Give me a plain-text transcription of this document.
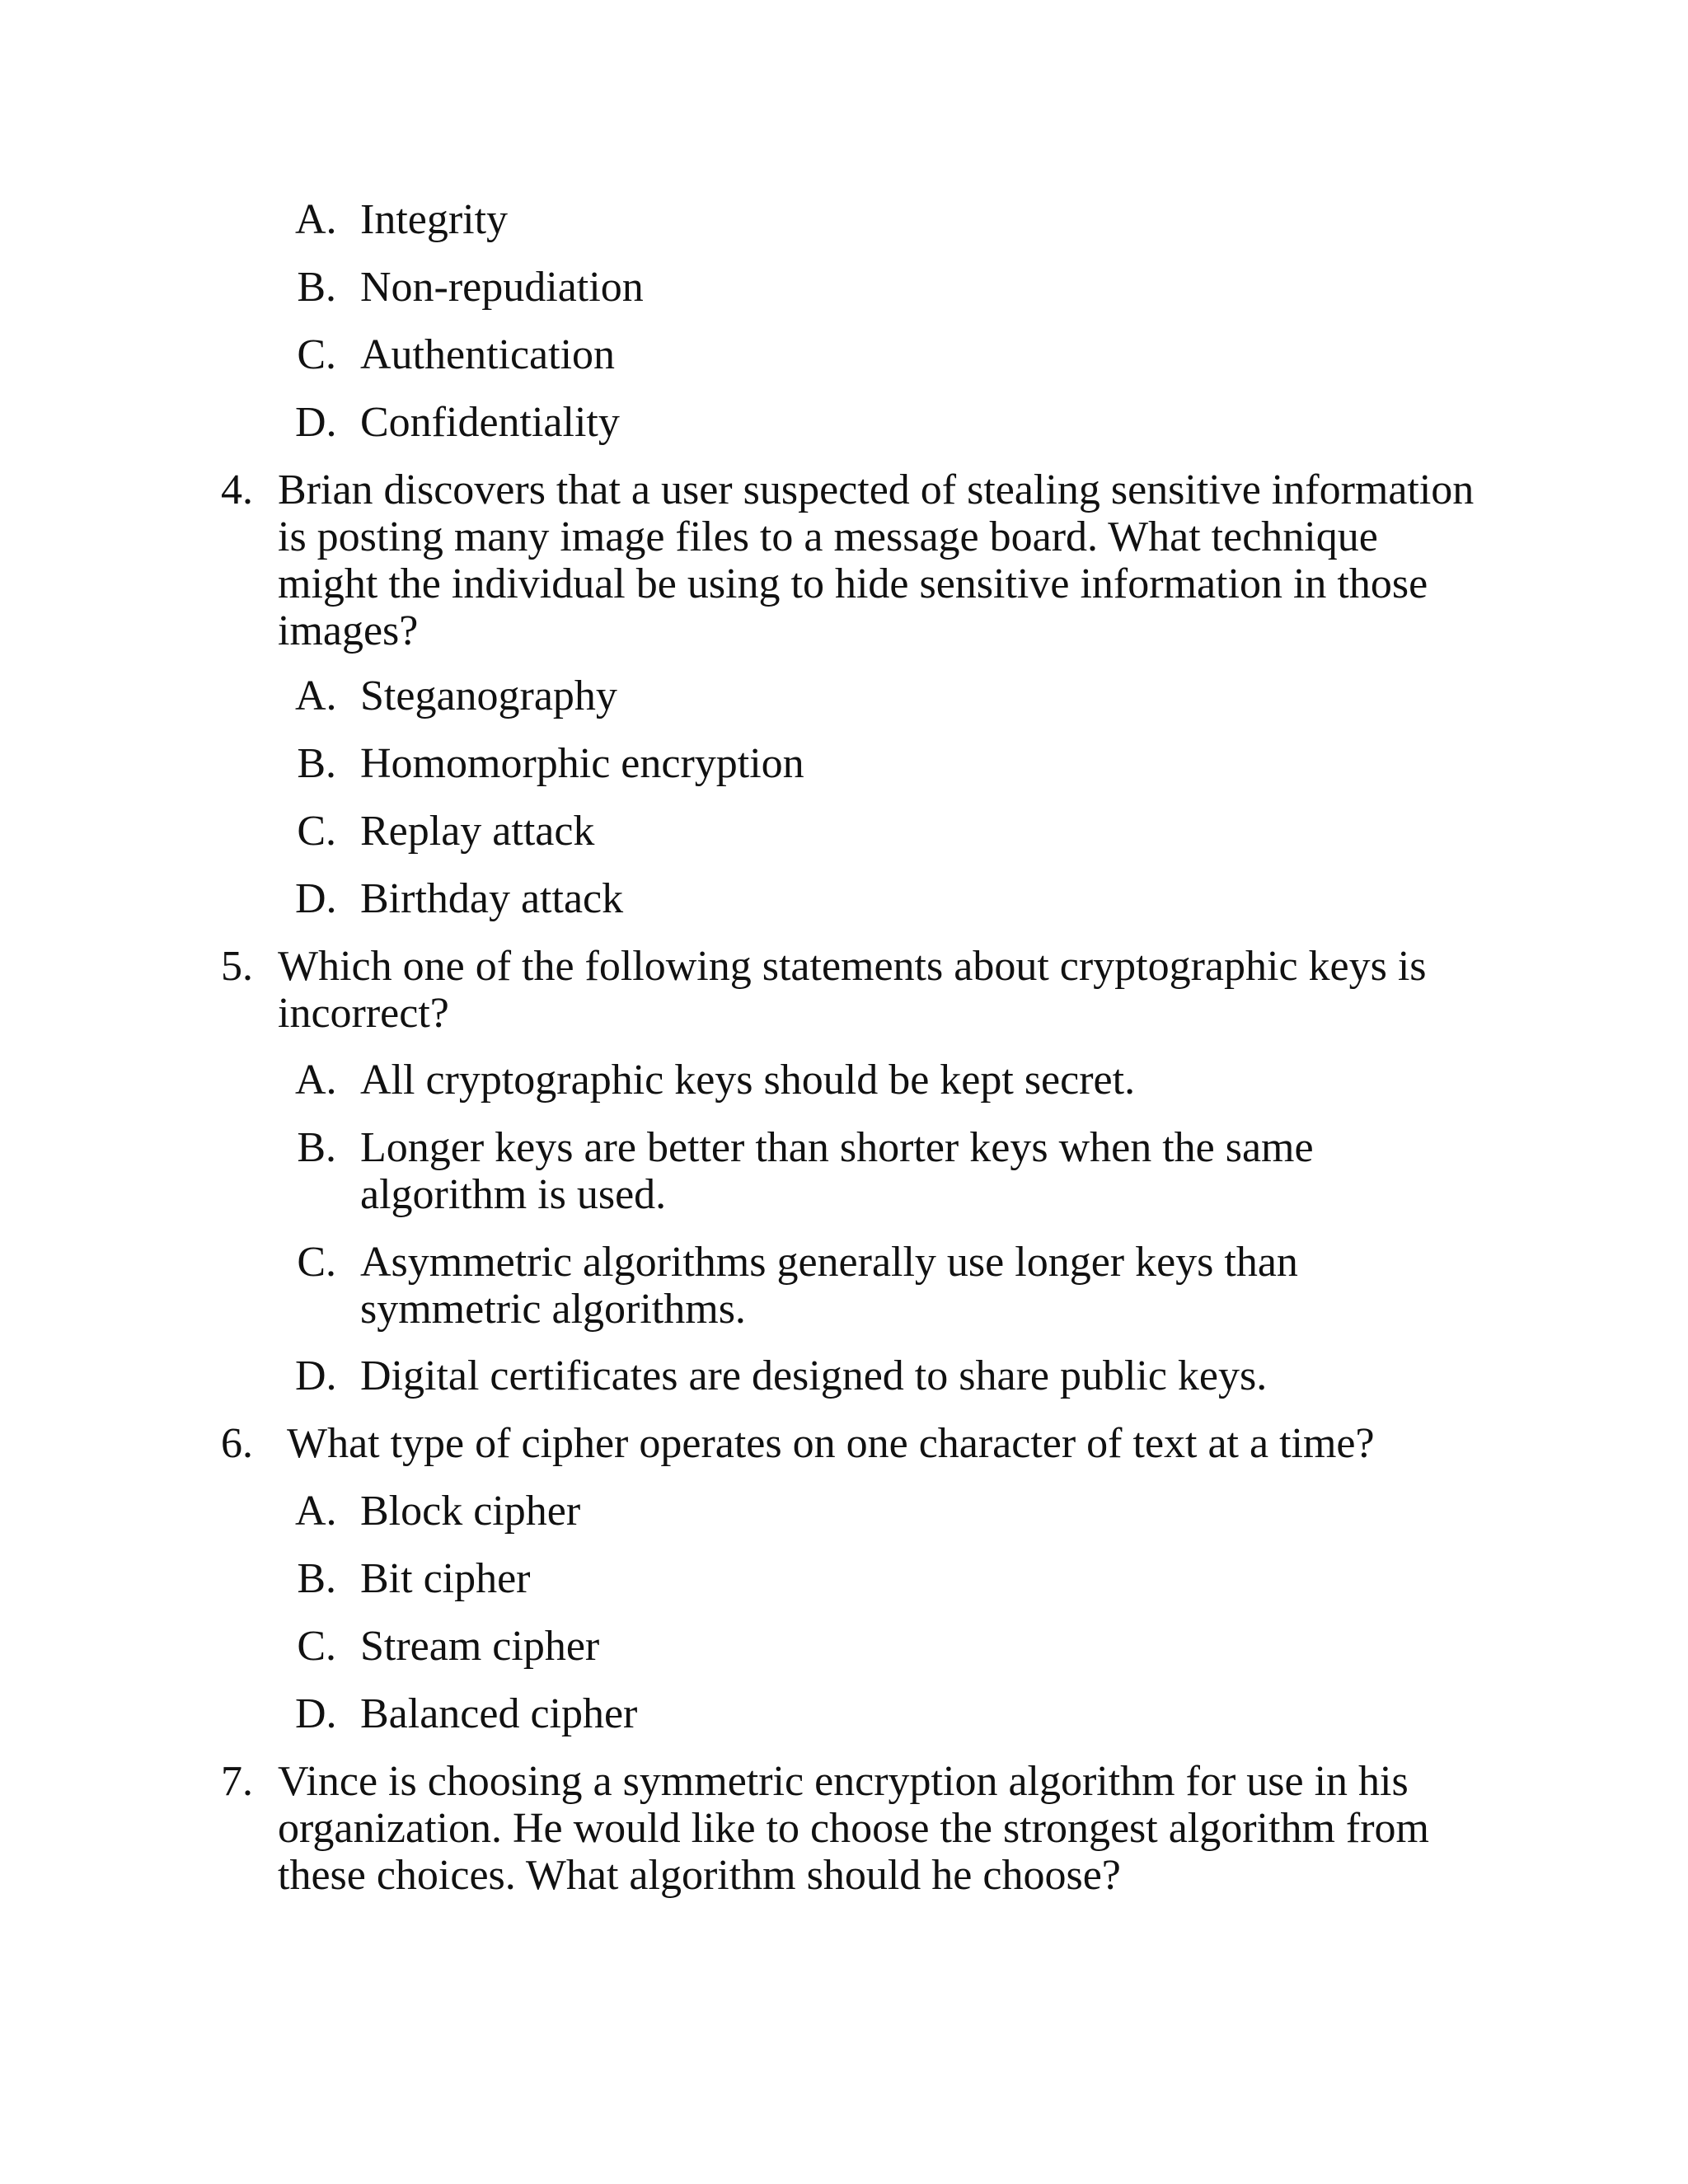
A. Integrity
B. Non-repudiation
C. Authentication
D. Confidentiality
4. Brian discovers that a user suspected of stealing sensitive information is posting many image files to a message board. What technique might the individual be using to hide sensitive information in those images?
A. Steganography
B. Homomorphic encryption
C. Replay attack
D. Birthday attack
5. Which one of the following statements about cryptographic keys is incorrect?
A. All cryptographic keys should be kept secret.
B. Longer keys are better than shorter keys when the same algorithm is used.
C. Asymmetric algorithms generally use longer keys than symmetric algorithms.
D. Digital certificates are designed to share public keys.
6. What type of cipher operates on one character of text at a time?
A. Block cipher
B. Bit cipher
C. Stream cipher
D. Balanced cipher
7. Vince is choosing a symmetric encryption algorithm for use in his organization. He would like to choose the strongest algorithm from these choices. What algorithm should he choose?
